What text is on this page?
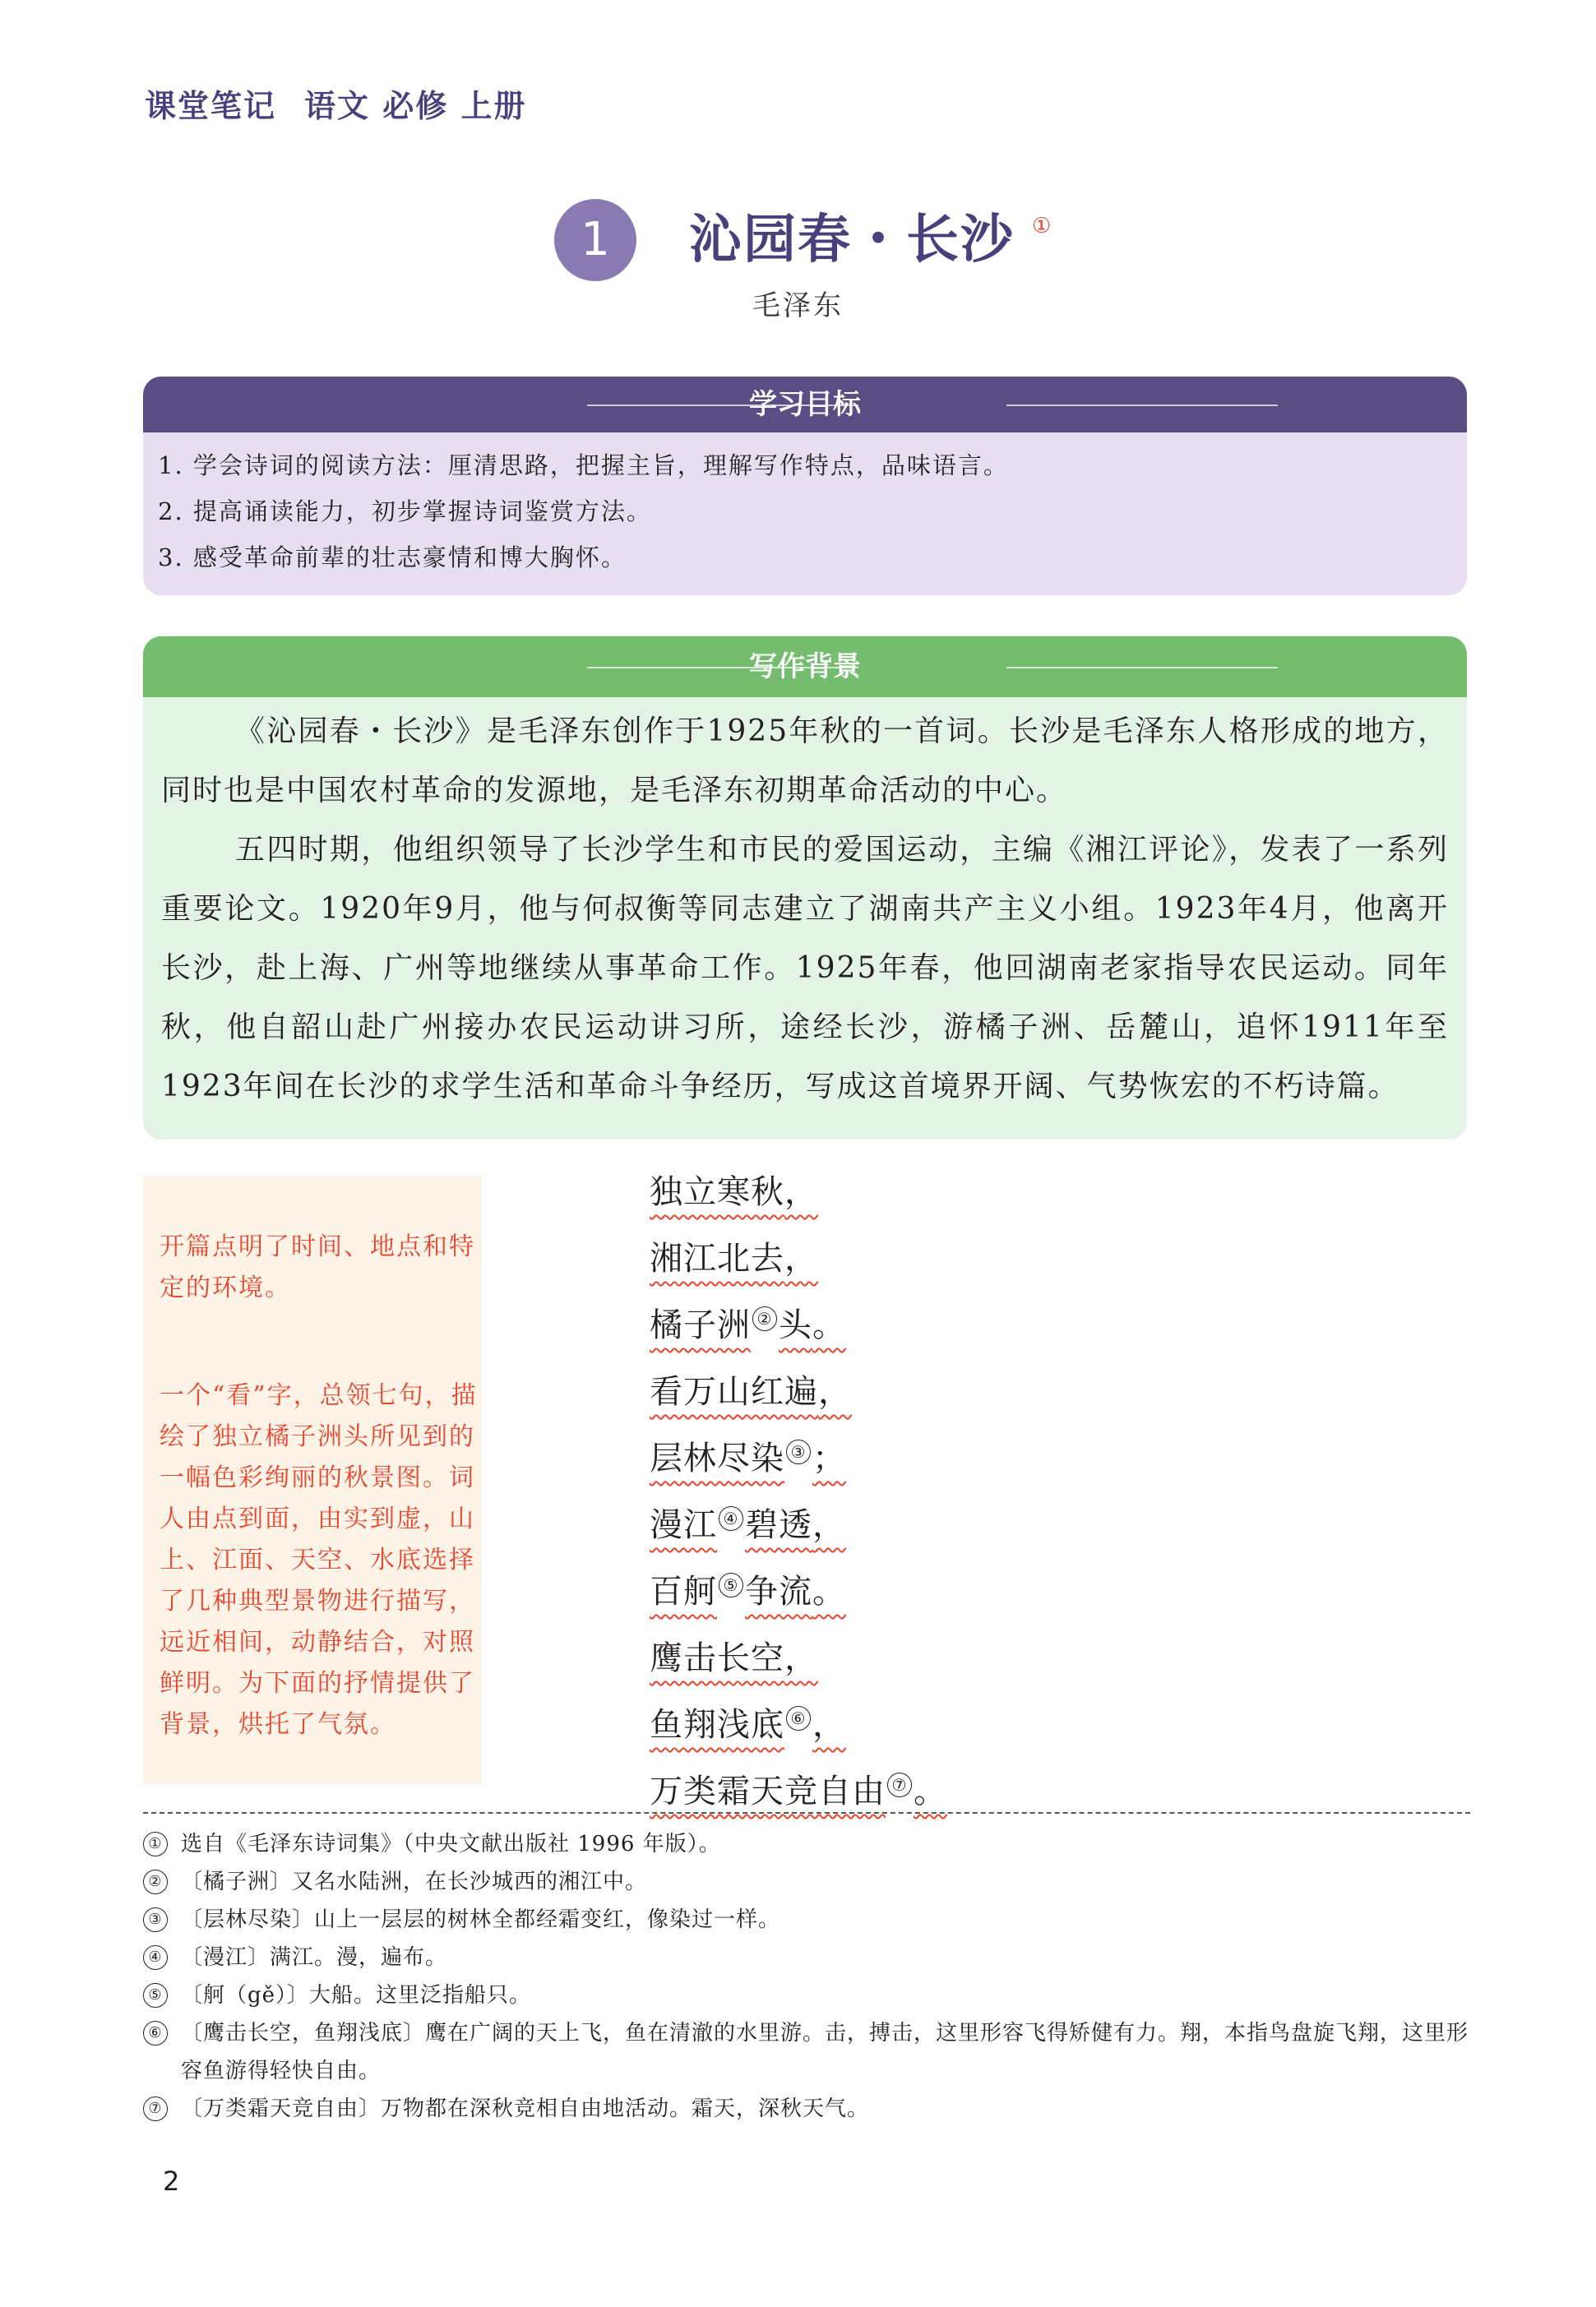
课堂笔记 语文 必修 上册
1	沁园春・长沙 ①
毛泽东
学习目标
1. 学会诗词的阅读方法：厘清思路，把握主旨，理解写作特点，品味语言。
2. 提高诵读能力，初步掌握诗词鉴赏方法。
3. 感受革命前辈的壮志豪情和博大胸怀。
写作背景

《沁园春・长沙》是毛泽东创作于1925年秋的一首词。长沙是毛泽东人格形成的地方，同时也是中国农村革命的发源地，是毛泽东初期革命活动的中心。

五四时期，他组织领导了长沙学生和市民的爱国运动，主编《湘江评论》，发表了一系列重要论文。1920年9月，他与何叔衡等同志建立了湖南共产主义小组。1923年4月，他离开长沙，赴上海、广州等地继续从事革命工作。1925年春，他回湖南老家指导农民运动。同年秋，他自韶山赴广州接办农民运动讲习所，途经长沙，游橘子洲、岳麓山，追怀1911年至1923年间在长沙的求学生活和革命斗争经历，写成这首境界开阔、气势恢宏的不朽诗篇。

开篇点明了时间、地点和特定的环境。
一个“看”字，总领七句，描绘了独立橘子洲头所见到的一幅色彩绚丽的秋景图。词人由点到面，由实到虚，山上、江面、天空、水底选择了几种典型景物进行描写，远近相间，动静结合，对照鲜明。为下面的抒情提供了背景，烘托了气氛。
独立寒秋，
湘江北去，
橘子洲 ② 头。
看万山红遍，
层林尽染 ③ ；
漫江 ④ 碧透，
百舸 ⑤ 争流。
鹰击长空，
鱼翔浅底 ⑥ ，
万类霜天竞自由 ⑦ 。
① 选自《毛泽东诗词集》（中央文献出版社 1996 年版）。
② 〔橘子洲〕又名水陆洲，在长沙城西的湘江中。
③ 〔层林尽染〕山上一层层的树林全都经霜变红，像染过一样。
④ 〔漫江〕满江。漫，遍布。
⑤ 〔舸（gě）〕大船。这里泛指船只。
⑥ 〔鹰击长空，鱼翔浅底〕鹰在广阔的天上飞，鱼在清澈的水里游。击，搏击，这里形容飞得矫健有力。翔，本指鸟盘旋飞翔，这里形容鱼游得轻快自由。
⑦ 〔万类霜天竞自由〕万物都在深秋竞相自由地活动。霜天，深秋天气。
2
